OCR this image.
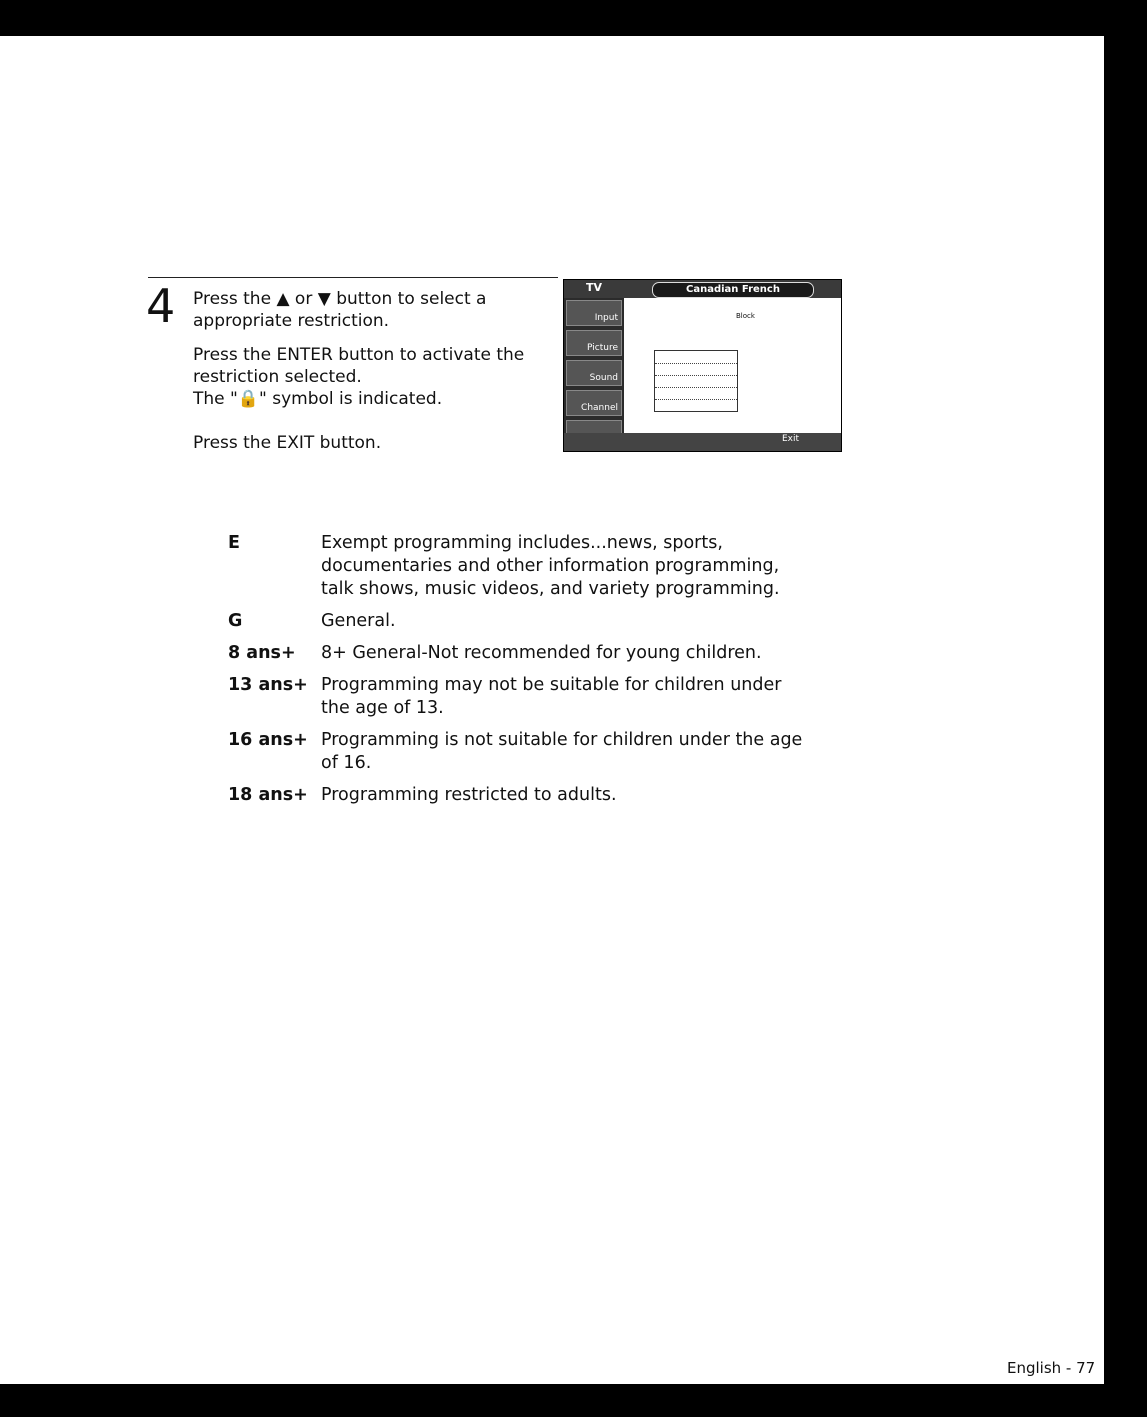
4 Press the ▲ or ▼ button to select a appropriate restriction.

Press the ENTER button to activate the restriction selected.
The "🔒" symbol is indicated.

Press the EXIT button.

TV	Canadian French
Input
Picture
Sound
Channel
Block
Exit
E	Exempt programming includes...news, sports, documentaries and other information programming, talk shows, music videos, and variety programming.
G	General.
8 ans+	8+ General-Not recommended for young children.
13 ans+ Programming may not be suitable for children under the age of 13.
16 ans+ Programming is not suitable for children under the age of 16.
18 ans+ Programming restricted to adults.
English - 77
